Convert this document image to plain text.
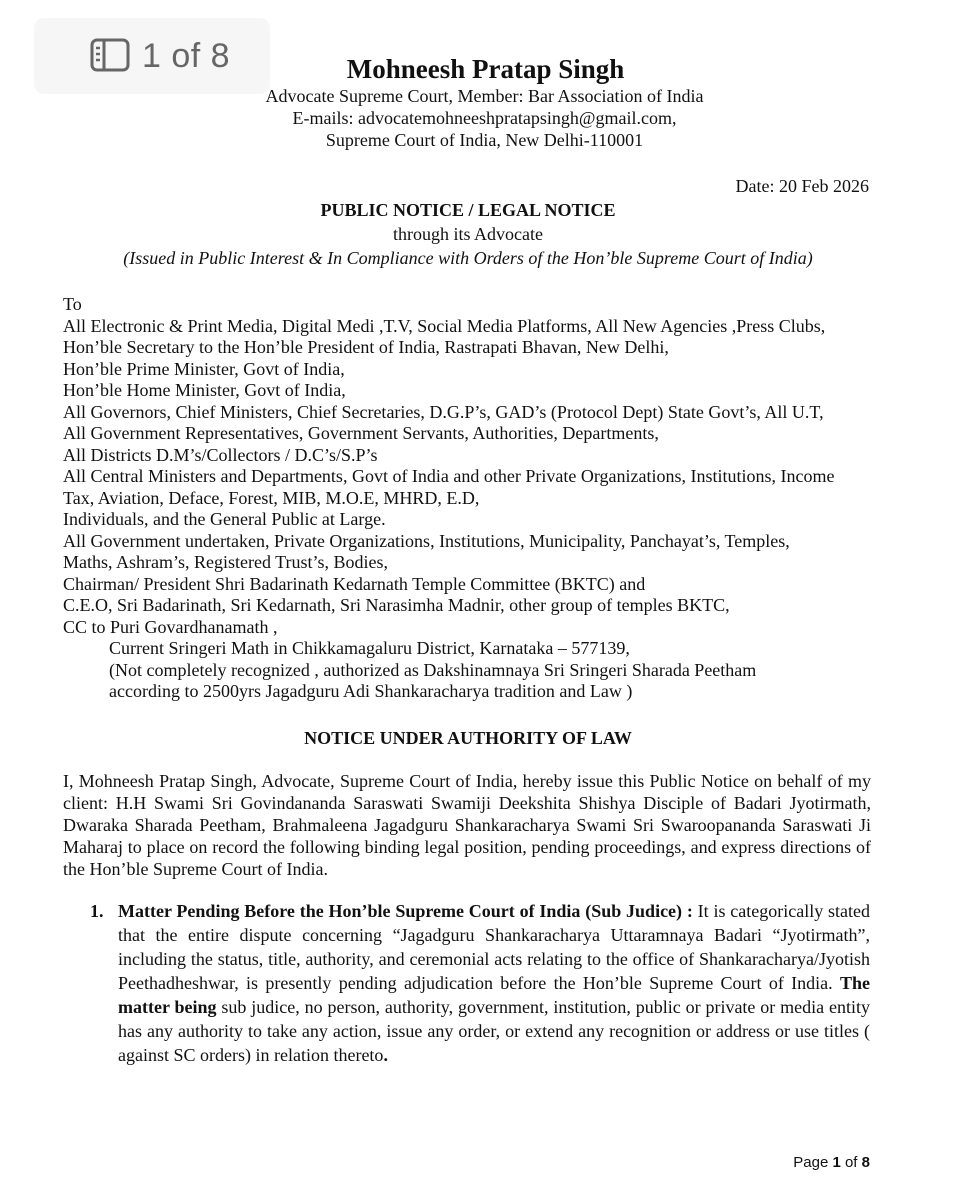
1 of 8	Mohneesh Pratap Singh
Advocate Supreme Court, Member: Bar Association of India
E-mails: advocatemohneeshpratapsingh@gmail.com,
Supreme Court of India, New Delhi-110001
Date: 20 Feb 2026
PUBLIC NOTICE / LEGAL NOTICE
through its Advocate
(Issued in Public Interest & In Compliance with Orders of the Hon’ble Supreme Court of India)
To
All Electronic & Print Media, Digital Medi ,T.V, Social Media Platforms, All New Agencies ,Press Clubs,
Hon’ble Secretary to the Hon’ble President of India, Rastrapati Bhavan, New Delhi,
Hon’ble Prime Minister, Govt of India,
Hon’ble Home Minister, Govt of India,
All Governors, Chief Ministers, Chief Secretaries, D.G.P’s, GAD’s (Protocol Dept) State Govt’s, All U.T,
All Government Representatives, Government Servants, Authorities, Departments,
All Districts D.M’s/Collectors / D.C’s/S.P’s
All Central Ministers and Departments, Govt of India and other Private Organizations, Institutions, Income
Tax, Aviation, Deface, Forest, MIB, M.O.E, MHRD, E.D,
Individuals, and the General Public at Large.
All Government undertaken, Private Organizations, Institutions, Municipality, Panchayat’s, Temples,
Maths, Ashram’s, Registered Trust’s, Bodies,
Chairman/ President Shri Badarinath Kedarnath Temple Committee (BKTC) and
C.E.O, Sri Badarinath, Sri Kedarnath, Sri Narasimha Madnir, other group of temples BKTC,
CC to Puri Govardhanamath ,
Current Sringeri Math in Chikkamagaluru District, Karnataka – 577139,
(Not completely recognized , authorized as Dakshinamnaya Sri Sringeri Sharada Peetham
according to 2500yrs Jagadguru Adi Shankaracharya tradition and Law )
NOTICE UNDER AUTHORITY OF LAW
I, Mohneesh Pratap Singh, Advocate, Supreme Court of India, hereby issue this Public Notice on behalf of my client: H.H Swami Sri Govindananda Saraswati Swamiji Deekshita Shishya Disciple of Badari Jyotirmath, Dwaraka Sharada Peetham, Brahmaleena Jagadguru Shankaracharya Swami Sri Swaroopananda Saraswati Ji Maharaj to place on record the following binding legal position, pending proceedings, and express directions of the Hon’ble Supreme Court of India.
1. Matter Pending Before the Hon’ble Supreme Court of India (Sub Judice) : It is categorically stated that the entire dispute concerning “Jagadguru Shankaracharya Uttaramnaya Badari “Jyotirmath”, including the status, title, authority, and ceremonial acts relating to the office of Shankaracharya/Jyotish Peethadheshwar, is presently pending adjudication before the Hon’ble Supreme Court of India. The matter being sub judice, no person, authority, government, institution, public or private or media entity has any authority to take any action, issue any order, or extend any recognition or address or use titles ( against SC orders) in relation thereto.
Page 1 of 8
